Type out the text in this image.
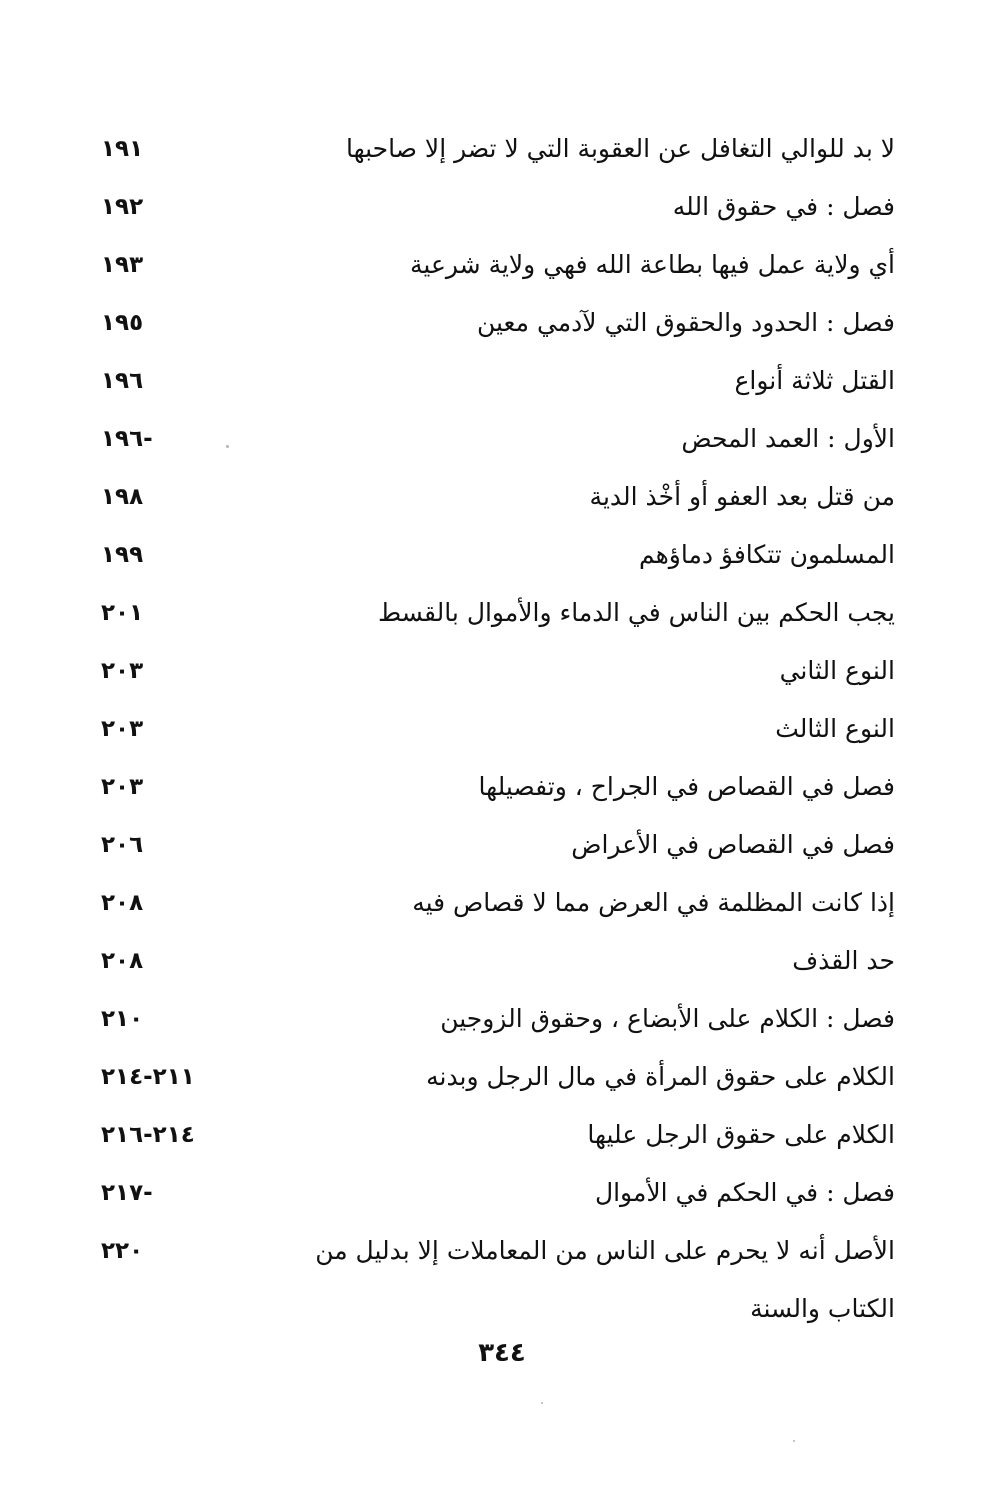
لا بد للوالي التغافل عن العقوبة التي لا تضر إلا صاحبها
١٩١
فصل : في حقوق الله
١٩٢
أي ولاية عمل فيها بطاعة الله فهي ولاية شرعية
١٩٣
فصل : الحدود والحقوق التي لآدمي معين
١٩٥
القتل ثلاثة أنواع
١٩٦
الأول : العمد المحض
١٩٦-
من قتل بعد العفو أو أخْذ الدية
١٩٨
المسلمون تتكافؤ دماؤهم
١٩٩
يجب الحكم بين الناس في الدماء والأموال بالقسط
٢٠١
النوع الثاني
٢٠٣
النوع الثالث
٢٠٣
فصل في القصاص في الجراح ، وتفصيلها
٢٠٣
فصل في القصاص في الأعراض
٢٠٦
إذا كانت المظلمة في العرض مما لا قصاص فيه
٢٠٨
حد القذف
٢٠٨
فصل : الكلام على الأبضاع ، وحقوق الزوجين
٢١٠
الكلام على حقوق المرأة في مال الرجل وبدنه
٢١١-٢١٤
الكلام على حقوق الرجل عليها
٢١٤-٢١٦
فصل : في الحكم في الأموال
٢١٧-
الأصل أنه لا يحرم على الناس من المعاملات إلا بدليل من الكتاب والسنة
٢٢٠
٣٤٤
